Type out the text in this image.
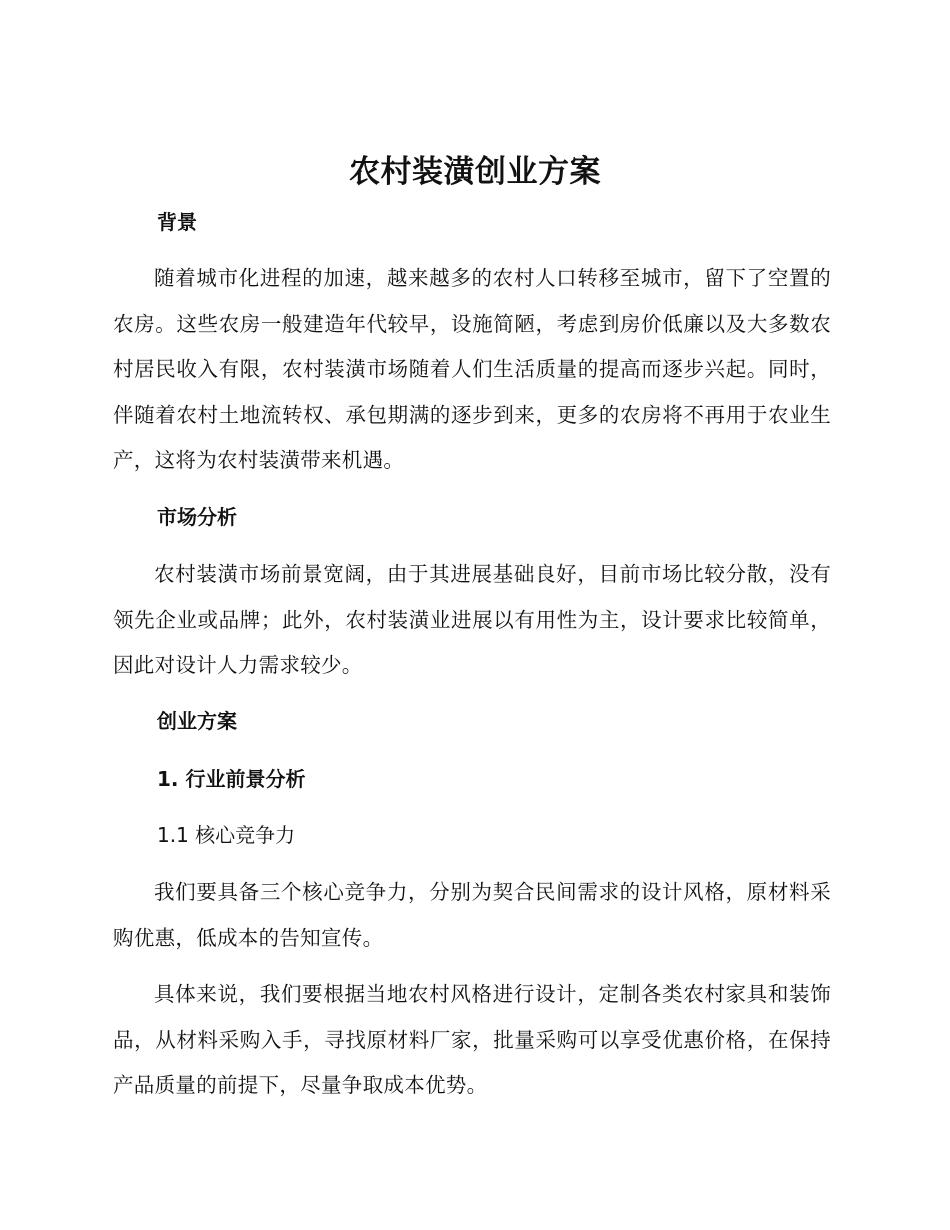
农村装潢创业方案
背景

随着城市化进程的加速，越来越多的农村人口转移至城市，留下了空置的农房。这些农房一般建造年代较早，设施简陋，考虑到房价低廉以及大多数农村居民收入有限，农村装潢市场随着人们生活质量的提高而逐步兴起。同时，伴随着农村土地流转权、承包期满的逐步到来，更多的农房将不再用于农业生产，这将为农村装潢带来机遇。

市场分析

农村装潢市场前景宽阔，由于其进展基础良好，目前市场比较分散，没有领先企业或品牌；此外，农村装潢业进展以有用性为主，设计要求比较简单，因此对设计人力需求较少。

创业方案
1. 行业前景分析
1.1 核心竞争力

我们要具备三个核心竞争力，分别为契合民间需求的设计风格，原材料采购优惠，低成本的告知宣传。

具体来说，我们要根据当地农村风格进行设计，定制各类农村家具和装饰品，从材料采购入手，寻找原材料厂家，批量采购可以享受优惠价格，在保持产品质量的前提下，尽量争取成本优势。
